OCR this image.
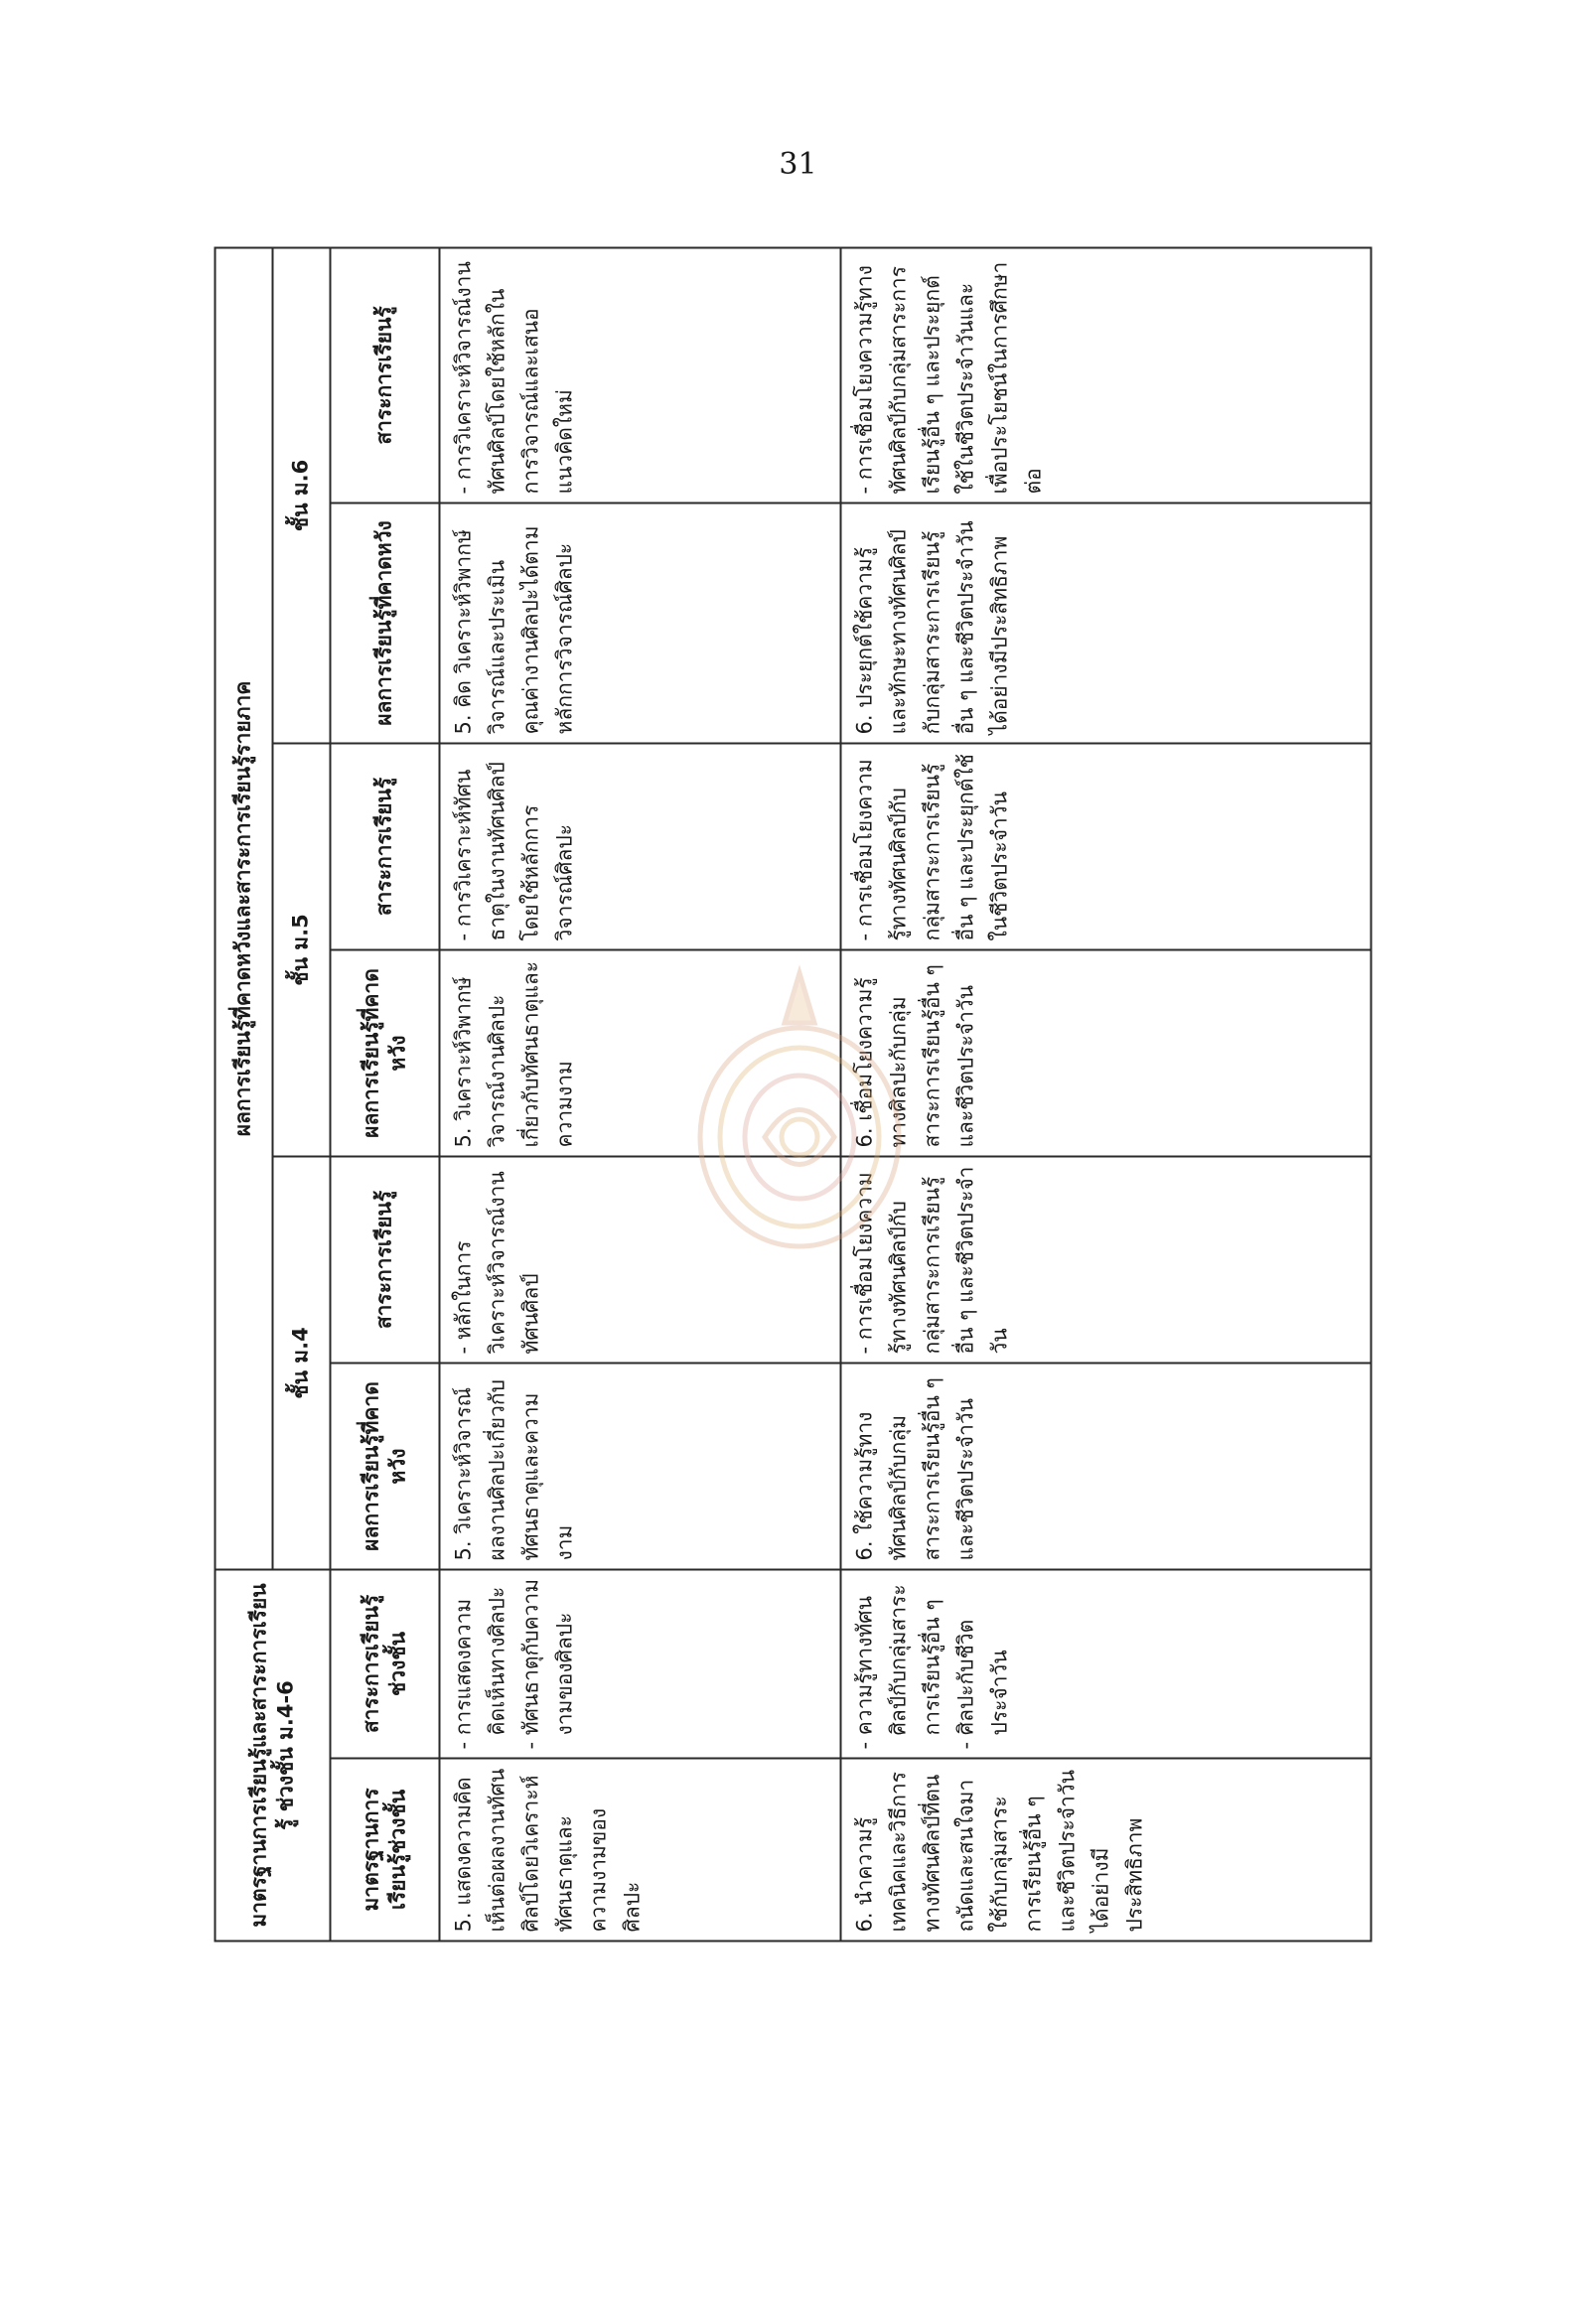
31
มาตรฐานการเรียนรู้และสาระการเรียนรู้ ช่วงชั้น ม.4-6		ผลการเรียนรู้ที่คาดหวังและสาระการเรียนรู้รายภาค					
		ชั้น ม.4		ชั้น ม.5		ชั้น ม.6	
มาตรฐานการเรียนรู้ช่วงชั้น	สาระการเรียนรู้ช่วงชั้น	ผลการเรียนรู้ที่คาดหวัง	สาระการเรียนรู้	ผลการเรียนรู้ที่คาดหวัง	สาระการเรียนรู้	ผลการเรียนรู้ที่คาดหวัง	สาระการเรียนรู้
5. แสดงความคิดเห็นต่อผลงานทัศนศิลป์โดยวิเคราะห์ทัศนธาตุและความงามของศิลปะ	- การแสดงความคิดเห็นทางศิลปะ - ทัศนธาตุกับความงามของศิลปะ	5. วิเคราะห์วิจารณ์ผลงานศิลปะเกี่ยวกับทัศนธาตุและความงาม	- หลักในการวิเคราะห์วิจารณ์งานทัศนศิลป์	5. วิเคราะห์วิพากษ์วิจารณ์งานศิลปะเกี่ยวกับทัศนธาตุและความงาม	- การวิเคราะห์ทัศนธาตุในงานทัศนศิลป์โดยใช้หลักการวิจารณ์ศิลปะ	5. คิด วิเคราะห์วิพากษ์วิจารณ์และประเมินคุณค่างานศิลปะได้ตามหลักการวิจารณ์ศิลปะ	- การวิเคราะห์วิจารณ์งานทัศนศิลป์โดยใช้หลักในการวิจารณ์และเสนอแนวคิดใหม่
6. นำความรู้ เทคนิคและวิธีการทางทัศนศิลป์ที่ตนถนัดและสนใจมาใช้กับกลุ่มสาระการเรียนรู้อื่น ๆ และชีวิตประจำวันได้อย่างมีประสิทธิภาพ	- ความรู้ทางทัศนศิลป์กับกลุ่มสาระการเรียนรู้อื่น ๆ - ศิลปะกับชีวิตประจำวัน	6. ใช้ความรู้ทางทัศนศิลป์กับกลุ่มสาระการเรียนรู้อื่น ๆ และชีวิตประจำวัน	- การเชื่อมโยงความรู้ทางทัศนศิลป์กับกลุ่มสาระการเรียนรู้อื่น ๆ และชีวิตประจำวัน	6. เชื่อมโยงความรู้ทางศิลปะกับกลุ่มสาระการเรียนรู้อื่น ๆ และชีวิตประจำวัน	- การเชื่อมโยงความรู้ทางทัศนศิลป์กับกลุ่มสาระการเรียนรู้อื่น ๆ และประยุกต์ใช้ในชีวิตประจำวัน	6. ประยุกต์ใช้ความรู้และทักษะทางทัศนศิลป์กับกลุ่มสาระการเรียนรู้อื่น ๆ และชีวิตประจำวันได้อย่างมีประสิทธิภาพ	- การเชื่อมโยงความรู้ทางทัศนศิลป์กับกลุ่มสาระการเรียนรู้อื่น ๆ และประยุกต์ใช้ในชีวิตประจำวันและเพื่อประโยชน์ในการศึกษาต่อ
